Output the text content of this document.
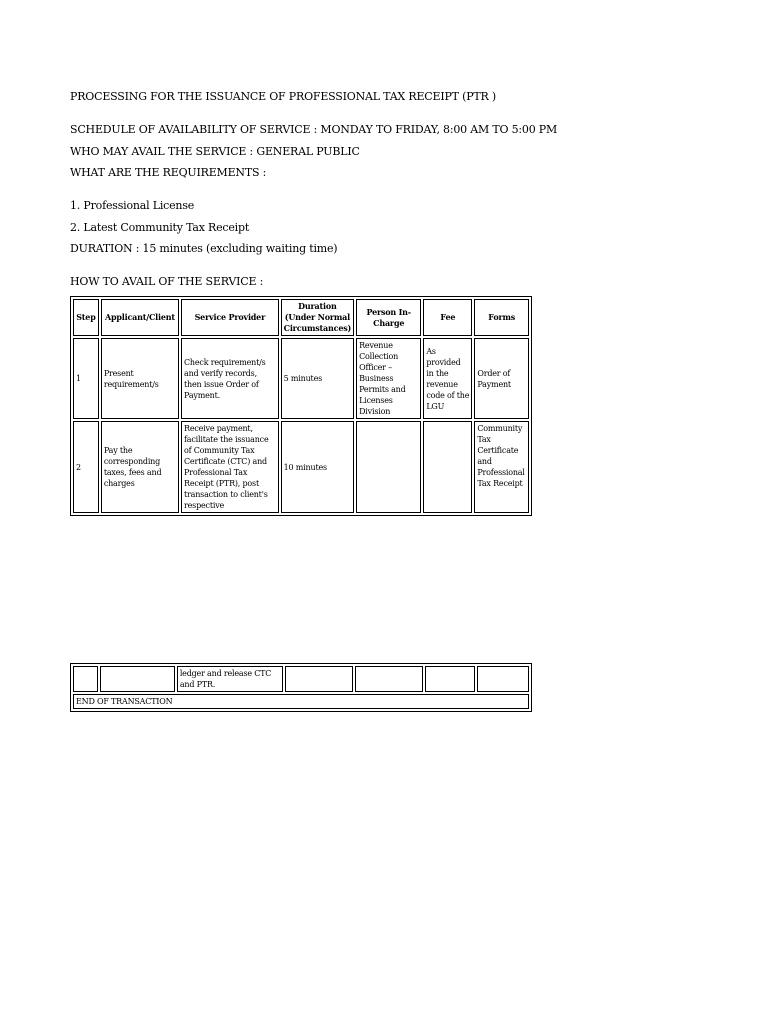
PROCESSING FOR THE ISSUANCE OF PROFESSIONAL TAX RECEIPT (PTR )
SCHEDULE OF AVAILABILITY OF SERVICE : MONDAY TO FRIDAY, 8:00 AM TO 5:00 PM
WHO MAY AVAIL THE SERVICE : GENERAL PUBLIC
WHAT ARE THE REQUIREMENTS :
1. Professional License
2. Latest Community Tax Receipt
DURATION : 15 minutes (excluding waiting time)
HOW TO AVAIL OF THE SERVICE :
Step	Applicant/Client	Service Provider	Duration (Under Normal Circumstances)	Person In-Charge	Fee	Forms
1	Present requirement/s	Check requirement/s and verify records, then issue Order of Payment.	5 minutes	Revenue Collection Officer – Business Permits and Licenses Division	As provided in the revenue code of the LGU	Order of Payment
2	Pay the corresponding taxes, fees and charges	Receive payment, facilitate the issuance of Community Tax Certificate (CTC) and Professional Tax Receipt (PTR), post transaction to client's respective	10 minutes			Community Tax Certificate and Professional Tax Receipt
		ledger and release CTC and PTR.				
END OF TRANSACTION
